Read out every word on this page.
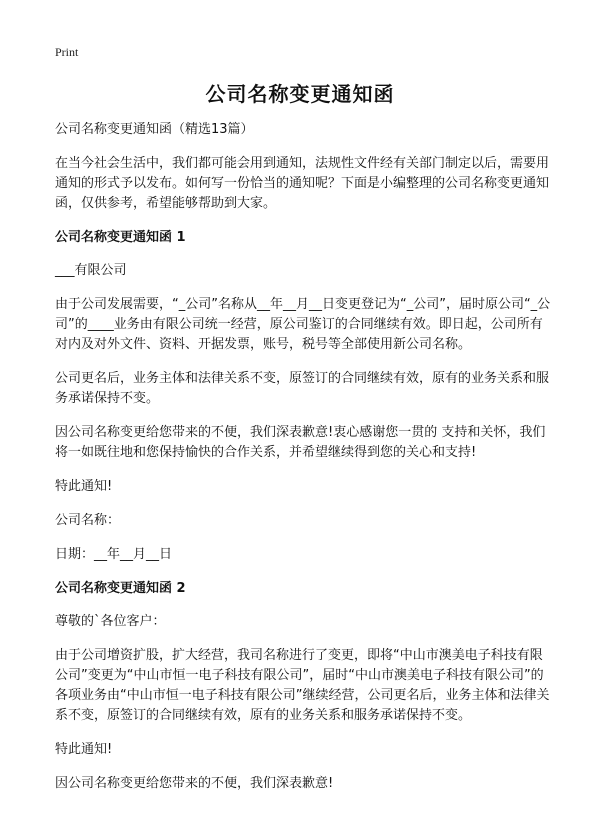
Print
公司名称变更通知函

公司名称变更通知函（精选13篇）

在当今社会生活中，我们都可能会用到通知，法规性文件经有关部门制定以后，需要用通知的形式予以发布。如何写一份恰当的通知呢？下面是小编整理的公司名称变更通知函，仅供参考，希望能够帮助到大家。

公司名称变更通知函 1

___有限公司

由于公司发展需要，“_公司”名称从__年__月__日变更登记为“_公司”，届时原公司“_公司”的____业务由有限公司统一经营，原公司鉴订的合同继续有效。即日起，公司所有对内及对外文件、资料、开据发票，账号，税号等全部使用新公司名称。

公司更名后，业务主体和法律关系不变，原签订的合同继续有效，原有的业务关系和服务承诺保持不变。

因公司名称变更给您带来的不便，我们深表歉意!衷心感谢您一贯的 支持和关怀，我们将一如既往地和您保持愉快的合作关系，并希望继续得到您的关心和支持!

特此通知!

公司名称：

日期：__年__月__日

公司名称变更通知函 2

尊敬的`各位客户：

由于公司增资扩股，扩大经营，我司名称进行了变更，即将“中山市澳美电子科技有限公司”变更为“中山市恒一电子科技有限公司”，届时“中山市澳美电子科技有限公司”的各项业务由“中山市恒一电子科技有限公司”继续经营，公司更名后，业务主体和法律关系不变，原签订的合同继续有效，原有的业务关系和服务承诺保持不变。

特此通知!

因公司名称变更给您带来的不便，我们深表歉意!
